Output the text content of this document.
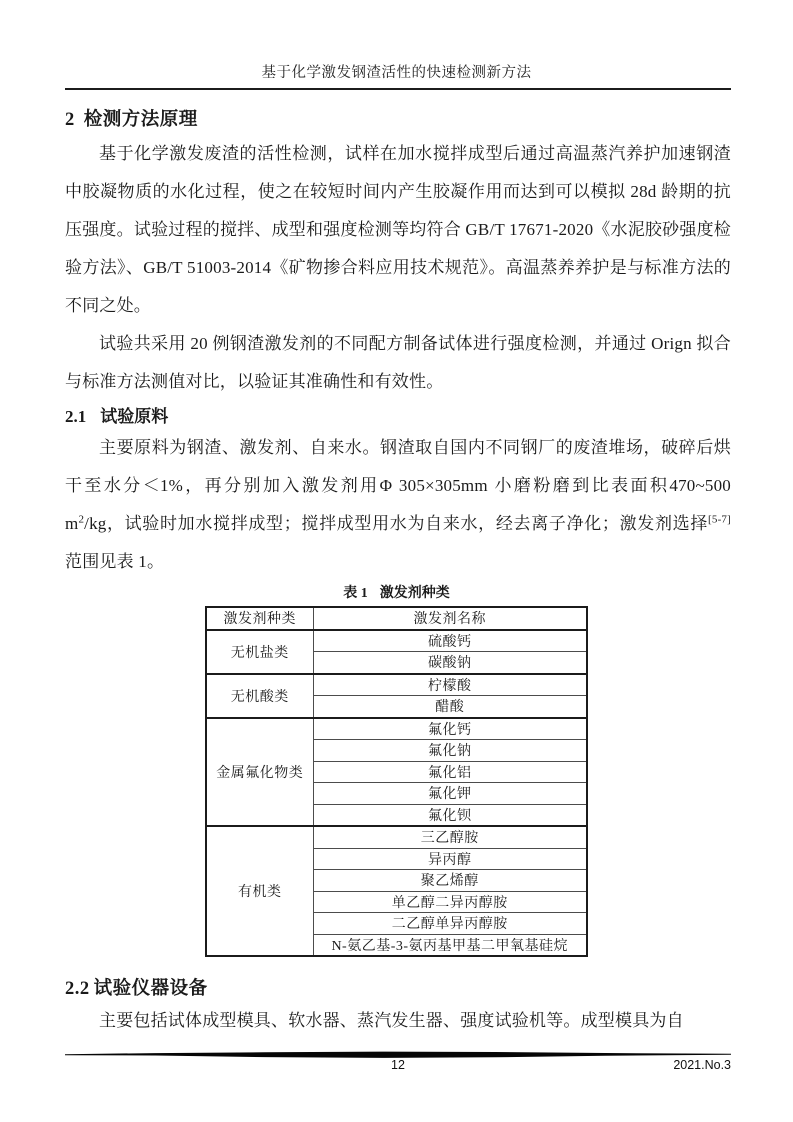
基于化学激发钢渣活性的快速检测新方法
2 检测方法原理

基于化学激发废渣的活性检测，试样在加水搅拌成型后通过高温蒸汽养护加速钢渣中胶凝物质的水化过程，使之在较短时间内产生胶凝作用而达到可以模拟 28d 龄期的抗压强度。试验过程的搅拌、成型和强度检测等均符合 GB/T 17671-2020《水泥胶砂强度检验方法》、GB/T 51003-2014《矿物掺合料应用技术规范》。高温蒸养养护是与标准方法的不同之处。

试验共采用 20 例钢渣激发剂的不同配方制备试体进行强度检测，并通过 Orign 拟合与标准方法测值对比，以验证其准确性和有效性。

2.1 试验原料

主要原料为钢渣、激发剂、自来水。钢渣取自国内不同钢厂的废渣堆场，破碎后烘干至水分＜1%，再分别加入激发剂用Φ 305×305mm 小磨粉磨到比表面积470~500 $m^2/kg$，试验时加水搅拌成型；搅拌成型用水为自来水，经去离子净化；激发剂选择[5-7]范围见表 1。

表 1 激发剂种类
激发剂种类	激发剂名称
无机盐类	硫酸钙
	碳酸钠
无机酸类	柠檬酸
	醋酸
金属氟化物类	氟化钙
	氟化钠
	氟化铝
	氟化钾
	氟化钡
有机类	三乙醇胺
	异丙醇
	聚乙烯醇
	单乙醇二异丙醇胺
	二乙醇单异丙醇胺
	N-氨乙基-3-氨丙基甲基二甲氧基硅烷
2.2 试验仪器设备

主要包括试体成型模具、软水器、蒸汽发生器、强度试验机等。成型模具为自

12	2021.No.3
